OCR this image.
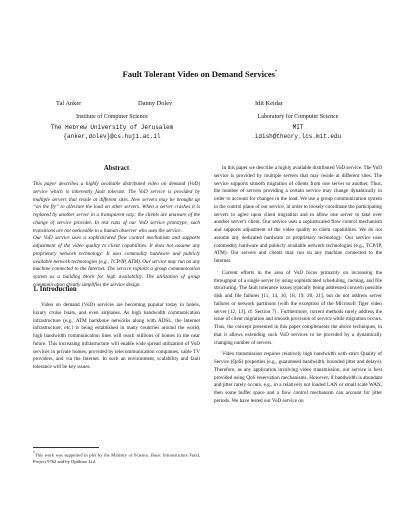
Fault Tolerant Video on Demand Services*
Tal Anker	Danny Dolev	Idit Keidar
Institute of Computer Science
The Hebrew University of Jerusalem
{anker,dolev}@cs.huji.ac.il
Laboratory for Computer Science
MIT
idish@theory.lcs.mit.edu
Abstract

This paper describes a highly available distributed video on demand (VoD) service which is inherently fault tolerant. The VoD service is provided by multiple servers that reside at different sites. New servers may be brought up “on the fly” to alleviate the load on other servers. When a server crashes it is replaced by another server in a transparent way; the clients are unaware of the change of service provider. In test runs of our VoD service prototype, such transitions are not noticeable to a human observer who uses the service.

Our VoD service uses a sophisticated flow control mechanism and supports adjustment of the video quality to client capabilities. It does not assume any proprietary network technology: It uses commodity hardware and publicly available network technologies (e.g., TCP/IP, ATM). Our service may run on any machine connected to the Internet. The service exploits a group communication system as a building block for high availability. The utilization of group communication greatly simplifies the service design.

1. Introduction

Video on demand (VoD) services are becoming popular today in hotels, luxury cruise boats, and even airplanes. As high bandwidth communication infrastructure (e.g., ATM backbone networks along with ADSL, the Internet infrastructure, etc.) is being established in many countries around the world, high bandwidth communication lines will reach millions of homes in the near future. This increasing infrastructure will enable wide spread utilization of VoD services in private homes, provided by telecommunication companies, cable TV providers, and via the Internet. In such an environment, scalability and fault tolerance will be key issues.

*This work was supported in part by the Ministry of Science, Basic Infrastructure Fund, Project 9762 and by Optibase Ltd.

In this paper we describe a highly available distributed VoD service. The VoD service is provided by multiple servers that may reside at different sites. The service supports smooth migration of clients from one server to another. Thus, the number of servers providing a certain service may change dynamically in order to account for changes in the load. We use a group communication system in the control plane of our service, in order to loosely coordinate the participating servers to agree upon client migration and to allow one server to take over another server's client. Our service uses a sophisticated flow control mechanism and supports adjustment of the video quality to client capabilities. We do not assume any dedicated hardware or proprietary technology: Our service uses commodity hardware and publicly available network technologies (e.g., TCP/IP, ATM). Our servers and clients may run on any machine connected to the Internet.

Current efforts in the area of VoD focus primarily on increasing the throughput of a single server by using sophisticated scheduling, caching, and file structuring. The fault tolerance issues typically being addressed concern possible disk and file failures [11, 14, 16, 18, 19, 20, 21], but do not address server failures or network partitions (with the exception of the Microsoft Tiger video server [12, 13], cf. Section 7) . Furthermore, current methods rarely address the issue of client migration and smooth provision of service while migration occurs. Thus, the concept presented in this paper complements the above techniques, in that it allows extending such VoD services to be provided by a dynamically changing number of servers.

Video transmission requires relatively high bandwidth with strict Quality of Service (QoS) properties (e.g., guaranteed bandwidth, bounded jitter and delays). Therefore, as any application involving video transmission, our service is best provided using QoS reservation mechanisms. However, if bandwidth is abundant and jitter rarely occurs, e.g., in a relatively not loaded LAN or small scale WAN, then some buffer space and a flow control mechanism can account for jitter periods. We have tested our VoD service on
